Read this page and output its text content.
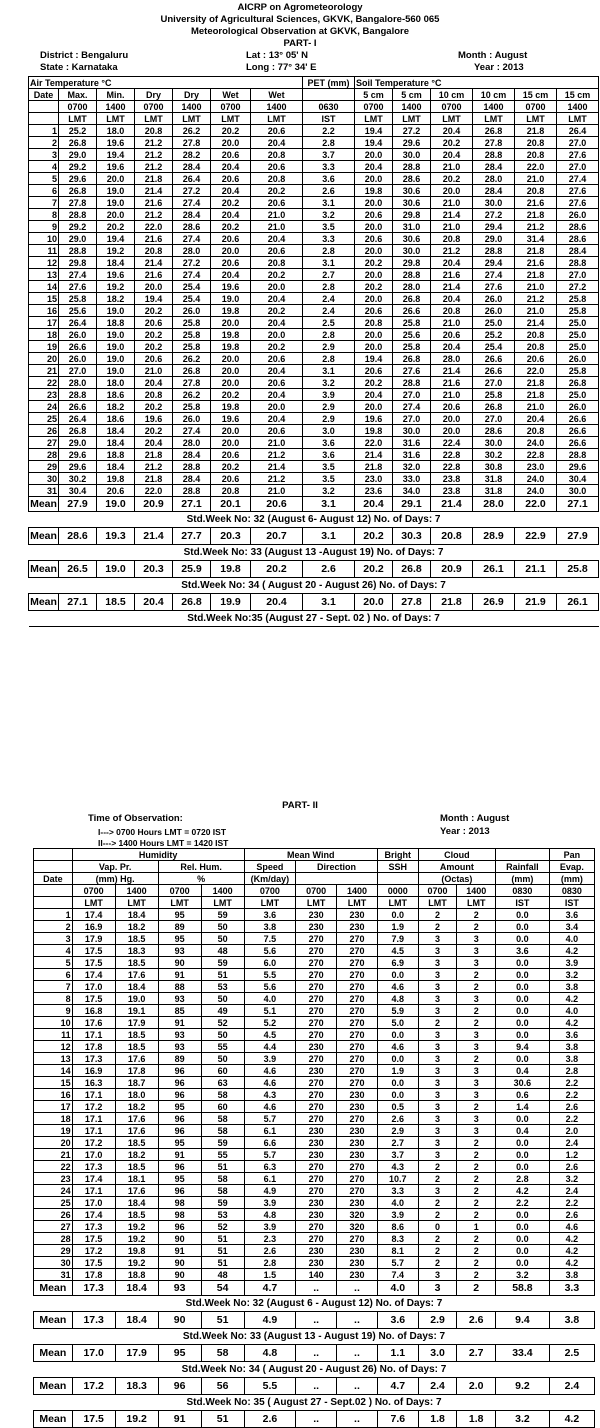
AICRP on Agrometeorology
University of Agricultural Sciences, GKVK, Bangalore-560 065
Meteorological Observation at GKVK, Bangalore
PART- I
District : Bengaluru	Lat : 13° 05' N	Month : August
State : Karnataka	Long : 77° 34' E	Year : 2013
Air Temperature °C							PET (mm)	Soil Temperature °C					
Date	Max.	Min.	Dry	Dry	Wet	Wet		5 cm	5 cm	10 cm	10 cm	15 cm	15 cm
	0700	1400	0700	1400	0700	1400	0630	0700	1400	0700	1400	0700	1400
	LMT	LMT	LMT	LMT	LMT	LMT	IST	LMT	LMT	LMT	LMT	LMT	LMT
1	25.2	18.0	20.8	26.2	20.2	20.6	2.2	19.4	27.2	20.4	26.8	21.8	26.4
2	26.8	19.6	21.2	27.8	20.0	20.4	2.8	19.4	29.6	20.2	27.8	20.8	27.0
3	29.0	19.4	21.2	28.2	20.6	20.8	3.7	20.0	30.0	20.4	28.8	20.8	27.6
4	29.2	19.6	21.2	28.4	20.4	20.6	3.3	20.4	28.8	21.0	28.4	22.0	27.0
5	29.6	20.0	21.8	26.4	20.6	20.8	3.6	20.0	28.6	20.2	28.0	21.0	27.4
6	26.8	19.0	21.4	27.2	20.4	20.2	2.6	19.8	30.6	20.0	28.4	20.8	27.6
7	27.8	19.0	21.6	27.4	20.2	20.6	3.1	20.0	30.6	21.0	30.0	21.6	27.6
8	28.8	20.0	21.2	28.4	20.4	21.0	3.2	20.6	29.8	21.4	27.2	21.8	26.0
9	29.2	20.2	22.0	28.6	20.2	21.0	3.5	20.0	31.0	21.0	29.4	21.2	28.6
10	29.0	19.4	21.6	27.4	20.6	20.4	3.3	20.6	30.6	20.8	29.0	31.4	28.6
11	28.8	19.2	20.8	28.0	20.0	20.6	2.8	20.0	30.0	21.2	28.8	21.8	28.4
12	29.8	18.4	21.4	27.2	20.6	20.8	3.1	20.2	29.8	20.4	29.4	21.6	28.8
13	27.4	19.6	21.6	27.4	20.4	20.2	2.7	20.0	28.8	21.6	27.4	21.8	27.0
14	27.6	19.2	20.0	25.4	19.6	20.0	2.8	20.2	28.0	21.4	27.6	21.0	27.2
15	25.8	18.2	19.4	25.4	19.0	20.4	2.4	20.0	26.8	20.4	26.0	21.2	25.8
16	25.6	19.0	20.2	26.0	19.8	20.2	2.4	20.6	26.6	20.8	26.0	21.0	25.8
17	26.4	18.8	20.6	25.8	20.0	20.4	2.5	20.8	25.8	21.0	25.0	21.4	25.0
18	26.0	19.0	20.2	25.8	19.8	20.0	2.8	20.0	25.6	20.6	25.2	20.8	25.0
19	26.6	19.0	20.2	25.8	19.8	20.2	2.9	20.0	25.8	20.4	25.4	20.8	25.0
20	26.0	19.0	20.6	26.2	20.0	20.6	2.8	19.4	26.8	28.0	26.6	20.6	26.0
21	27.0	19.0	21.0	26.8	20.0	20.4	3.1	20.6	27.6	21.4	26.6	22.0	25.8
22	28.0	18.0	20.4	27.8	20.0	20.6	3.2	20.2	28.8	21.6	27.0	21.8	26.8
23	28.8	18.6	20.8	26.2	20.2	20.4	3.9	20.4	27.0	21.0	25.8	21.8	25.0
24	26.6	18.2	20.2	25.8	19.8	20.0	2.9	20.0	27.4	20.6	26.8	21.0	26.0
25	26.4	18.6	19.6	26.0	19.6	20.4	2.9	19.6	27.0	20.0	27.0	20.4	26.6
26	26.8	18.4	20.2	27.4	20.0	20.6	3.0	19.8	30.0	20.0	28.6	20.8	26.6
27	29.0	18.4	20.4	28.0	20.0	21.0	3.6	22.0	31.6	22.4	30.0	24.0	26.6
28	29.6	18.8	21.8	28.4	20.6	21.2	3.6	21.4	31.6	22.8	30.2	22.8	28.8
29	29.6	18.4	21.2	28.8	20.2	21.4	3.5	21.8	32.0	22.8	30.8	23.0	29.6
30	30.2	19.8	21.8	28.4	20.6	21.2	3.5	23.0	33.0	23.8	31.8	24.0	30.4
31	30.4	20.6	22.0	28.8	20.8	21.0	3.2	23.6	34.0	23.8	31.8	24.0	30.0
Mean	27.9	19.0	20.9	27.1	20.1	20.6	3.1	20.4	29.1	21.4	28.0	22.0	27.1
Std.Week No: 32 (August 6- August 12) No. of Days: 7													
Mean	28.6	19.3	21.4	27.7	20.3	20.7	3.1	20.2	30.3	20.8	28.9	22.9	27.9
Std.Week No: 33 (August 13 -August 19) No. of Days: 7													
Mean	26.5	19.0	20.3	25.9	19.8	20.2	2.6	20.2	26.8	20.9	26.1	21.1	25.8
Std.Week No: 34 ( August 20 - August 26) No. of Days: 7													
Mean	27.1	18.5	20.4	26.8	19.9	20.4	3.1	20.0	27.8	21.8	26.9	21.9	26.1
Std.Week No:35 (August 27 - Sept. 02 ) No. of Days: 7													
PART- II
Time of Observation:	Month : August
I---> 0700 Hours LMT = 0720 IST	Year : 2013
II---> 1400 Hours LMT = 1420 IST
	Humidity				Mean Wind			Bright	Cloud			Pan
	Vap. Pr.		Rel. Hum.		Speed	Direction		SSH	Amount		Rainfall	Evap.
Date	(mm) Hg.		%		(Km/day)				(Octas)		(mm)	(mm)
	0700	1400	0700	1400	0700	0700	1400	0000	0700	1400	0830	0830
	LMT	LMT	LMT	LMT	LMT	LMT	LMT	LMT	LMT	LMT	IST	IST
1	17.4	18.4	95	59	3.6	230	230	0.0	2	2	0.0	3.6
2	16.9	18.2	89	50	3.8	230	230	1.9	2	2	0.0	3.4
3	17.9	18.5	95	50	7.5	270	270	7.9	3	3	0.0	4.0
4	17.5	18.3	93	48	5.6	270	270	4.5	3	3	3.6	4.2
5	17.5	18.5	90	59	6.0	270	270	6.9	3	3	0.0	3.9
6	17.4	17.6	91	51	5.5	270	270	0.0	3	2	0.0	3.2
7	17.0	18.4	88	53	5.6	270	270	4.6	3	2	0.0	3.8
8	17.5	19.0	93	50	4.0	270	270	4.8	3	3	0.0	4.2
9	16.8	19.1	85	49	5.1	270	270	5.9	3	2	0.0	4.0
10	17.6	17.9	91	52	5.2	270	270	5.0	2	2	0.0	4.2
11	17.1	18.5	93	50	4.5	270	270	0.0	3	3	0.0	3.6
12	17.8	18.5	93	55	4.4	230	270	4.6	3	3	9.4	3.8
13	17.3	17.6	89	50	3.9	270	270	0.0	3	2	0.0	3.8
14	16.9	17.8	96	60	4.6	230	270	1.9	3	3	0.4	2.8
15	16.3	18.7	96	63	4.6	270	270	0.0	3	3	30.6	2.2
16	17.1	18.0	96	58	4.3	270	230	0.0	3	3	0.6	2.2
17	17.2	18.2	95	60	4.6	270	230	0.5	3	2	1.4	2.6
18	17.1	17.6	96	58	5.7	270	270	2.6	3	3	0.0	2.2
19	17.1	17.6	96	58	6.1	230	230	2.9	3	3	0.4	2.0
20	17.2	18.5	95	59	6.6	230	230	2.7	3	2	0.0	2.4
21	17.0	18.2	91	55	5.7	230	230	3.7	3	2	0.0	1.2
22	17.3	18.5	96	51	6.3	270	270	4.3	2	2	0.0	2.6
23	17.4	18.1	95	58	6.1	270	270	10.7	2	2	2.8	3.2
24	17.1	17.6	96	58	4.9	270	270	3.3	3	2	4.2	2.4
25	17.0	18.4	98	59	3.9	230	230	4.0	2	2	2.2	2.2
26	17.4	18.5	98	53	4.8	230	320	3.9	2	2	0.0	2.6
27	17.3	19.2	96	52	3.9	270	320	8.6	0	1	0.0	4.6
28	17.5	19.2	90	51	2.3	270	270	8.3	2	2	0.0	4.2
29	17.2	19.8	91	51	2.6	230	230	8.1	2	2	0.0	4.2
30	17.5	19.2	90	51	2.8	230	230	5.7	2	2	0.0	4.2
31	17.8	18.8	90	48	1.5	140	230	7.4	3	2	3.2	3.8
Mean	17.3	18.4	93	54	4.7	..	..	4.0	3	2	58.8	3.3
Std.Week No: 32 (August 6 - August 12) No. of Days: 7												
Mean	17.3	18.4	90	51	4.9	..	..	3.6	2.9	2.6	9.4	3.8
Std.Week No: 33 (August 13 - August 19) No. of Days: 7												
Mean	17.0	17.9	95	58	4.8	..	..	1.1	3.0	2.7	33.4	2.5
Std.Week No: 34 ( August 20 - August 26) No. of Days: 7												
Mean	17.2	18.3	96	56	5.5	..	..	4.7	2.4	2.0	9.2	2.4
Std.Week No: 35 ( August 27 - Sept.02 ) No. of Days: 7												
Mean	17.5	19.2	91	51	2.6	..	..	7.6	1.8	1.8	3.2	4.2
